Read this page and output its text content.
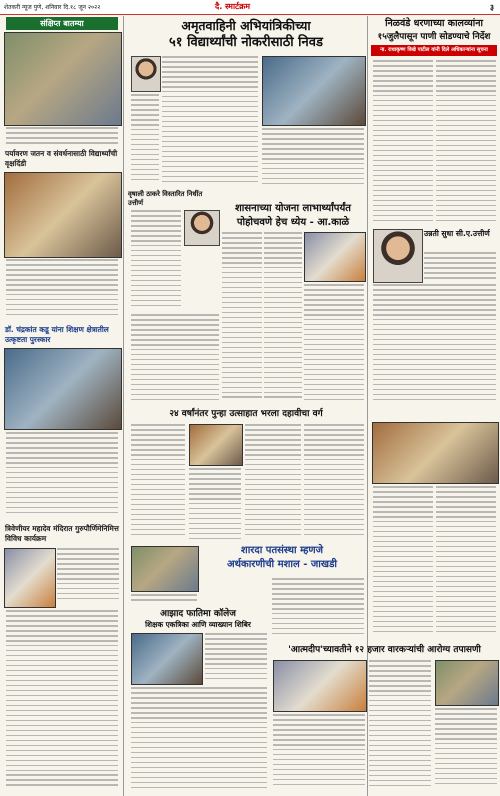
शेतकरी न्यूज पुणे, शनिवार दि.१८ जून २०२२	दै. स्मार्टक्रम	३
संक्षिप्त बातम्या
पर्यावरण जतन व संवर्धनासाठी विद्यार्थ्यांची वृक्षदिंडी
डॉ. चंद्रकांत कडू यांना शिक्षण क्षेत्रातील उत्कृष्टता पुरस्कार
त्रिवेणीयर महादेव मंदिरात गुरुपौर्णिमेनिमित्त विविध कार्यक्रम
अमृतवाहिनी अभियांत्रिकीच्या
५१ विद्यार्थ्यांची नोकरीसाठी निवड
वृषाली ठाकरे विस्तारित निधींत उत्तीर्ण	शासनाच्या योजना लाभार्थ्यांपर्यंत
पोहोचवणे हेच ध्येय - आ.काळे
२४ वर्षांनंतर पुन्हा उत्साहात भरला दहावीचा वर्ग
शारदा पतसंस्था म्हणजे
अर्थकारणीची मशाल - जाखडी
आझाद फातिमा कॉलेज
शिक्षक एकत्रिका आणि व्याख्यान शिबिर
निळवंडे धरणाच्या कालव्यांना
१५जुलैपासून पाणी सोडण्याचे निर्देश
ना. राधाकृष्ण विखे पाटील यांनी दिले अधिकाऱ्यांना सूचना
उन्नती सुधा सी.ए.उत्तीर्ण
'आत्मदीप'च्यावतीने १२ हजार वारकऱ्यांची आरोग्य तपासणी
